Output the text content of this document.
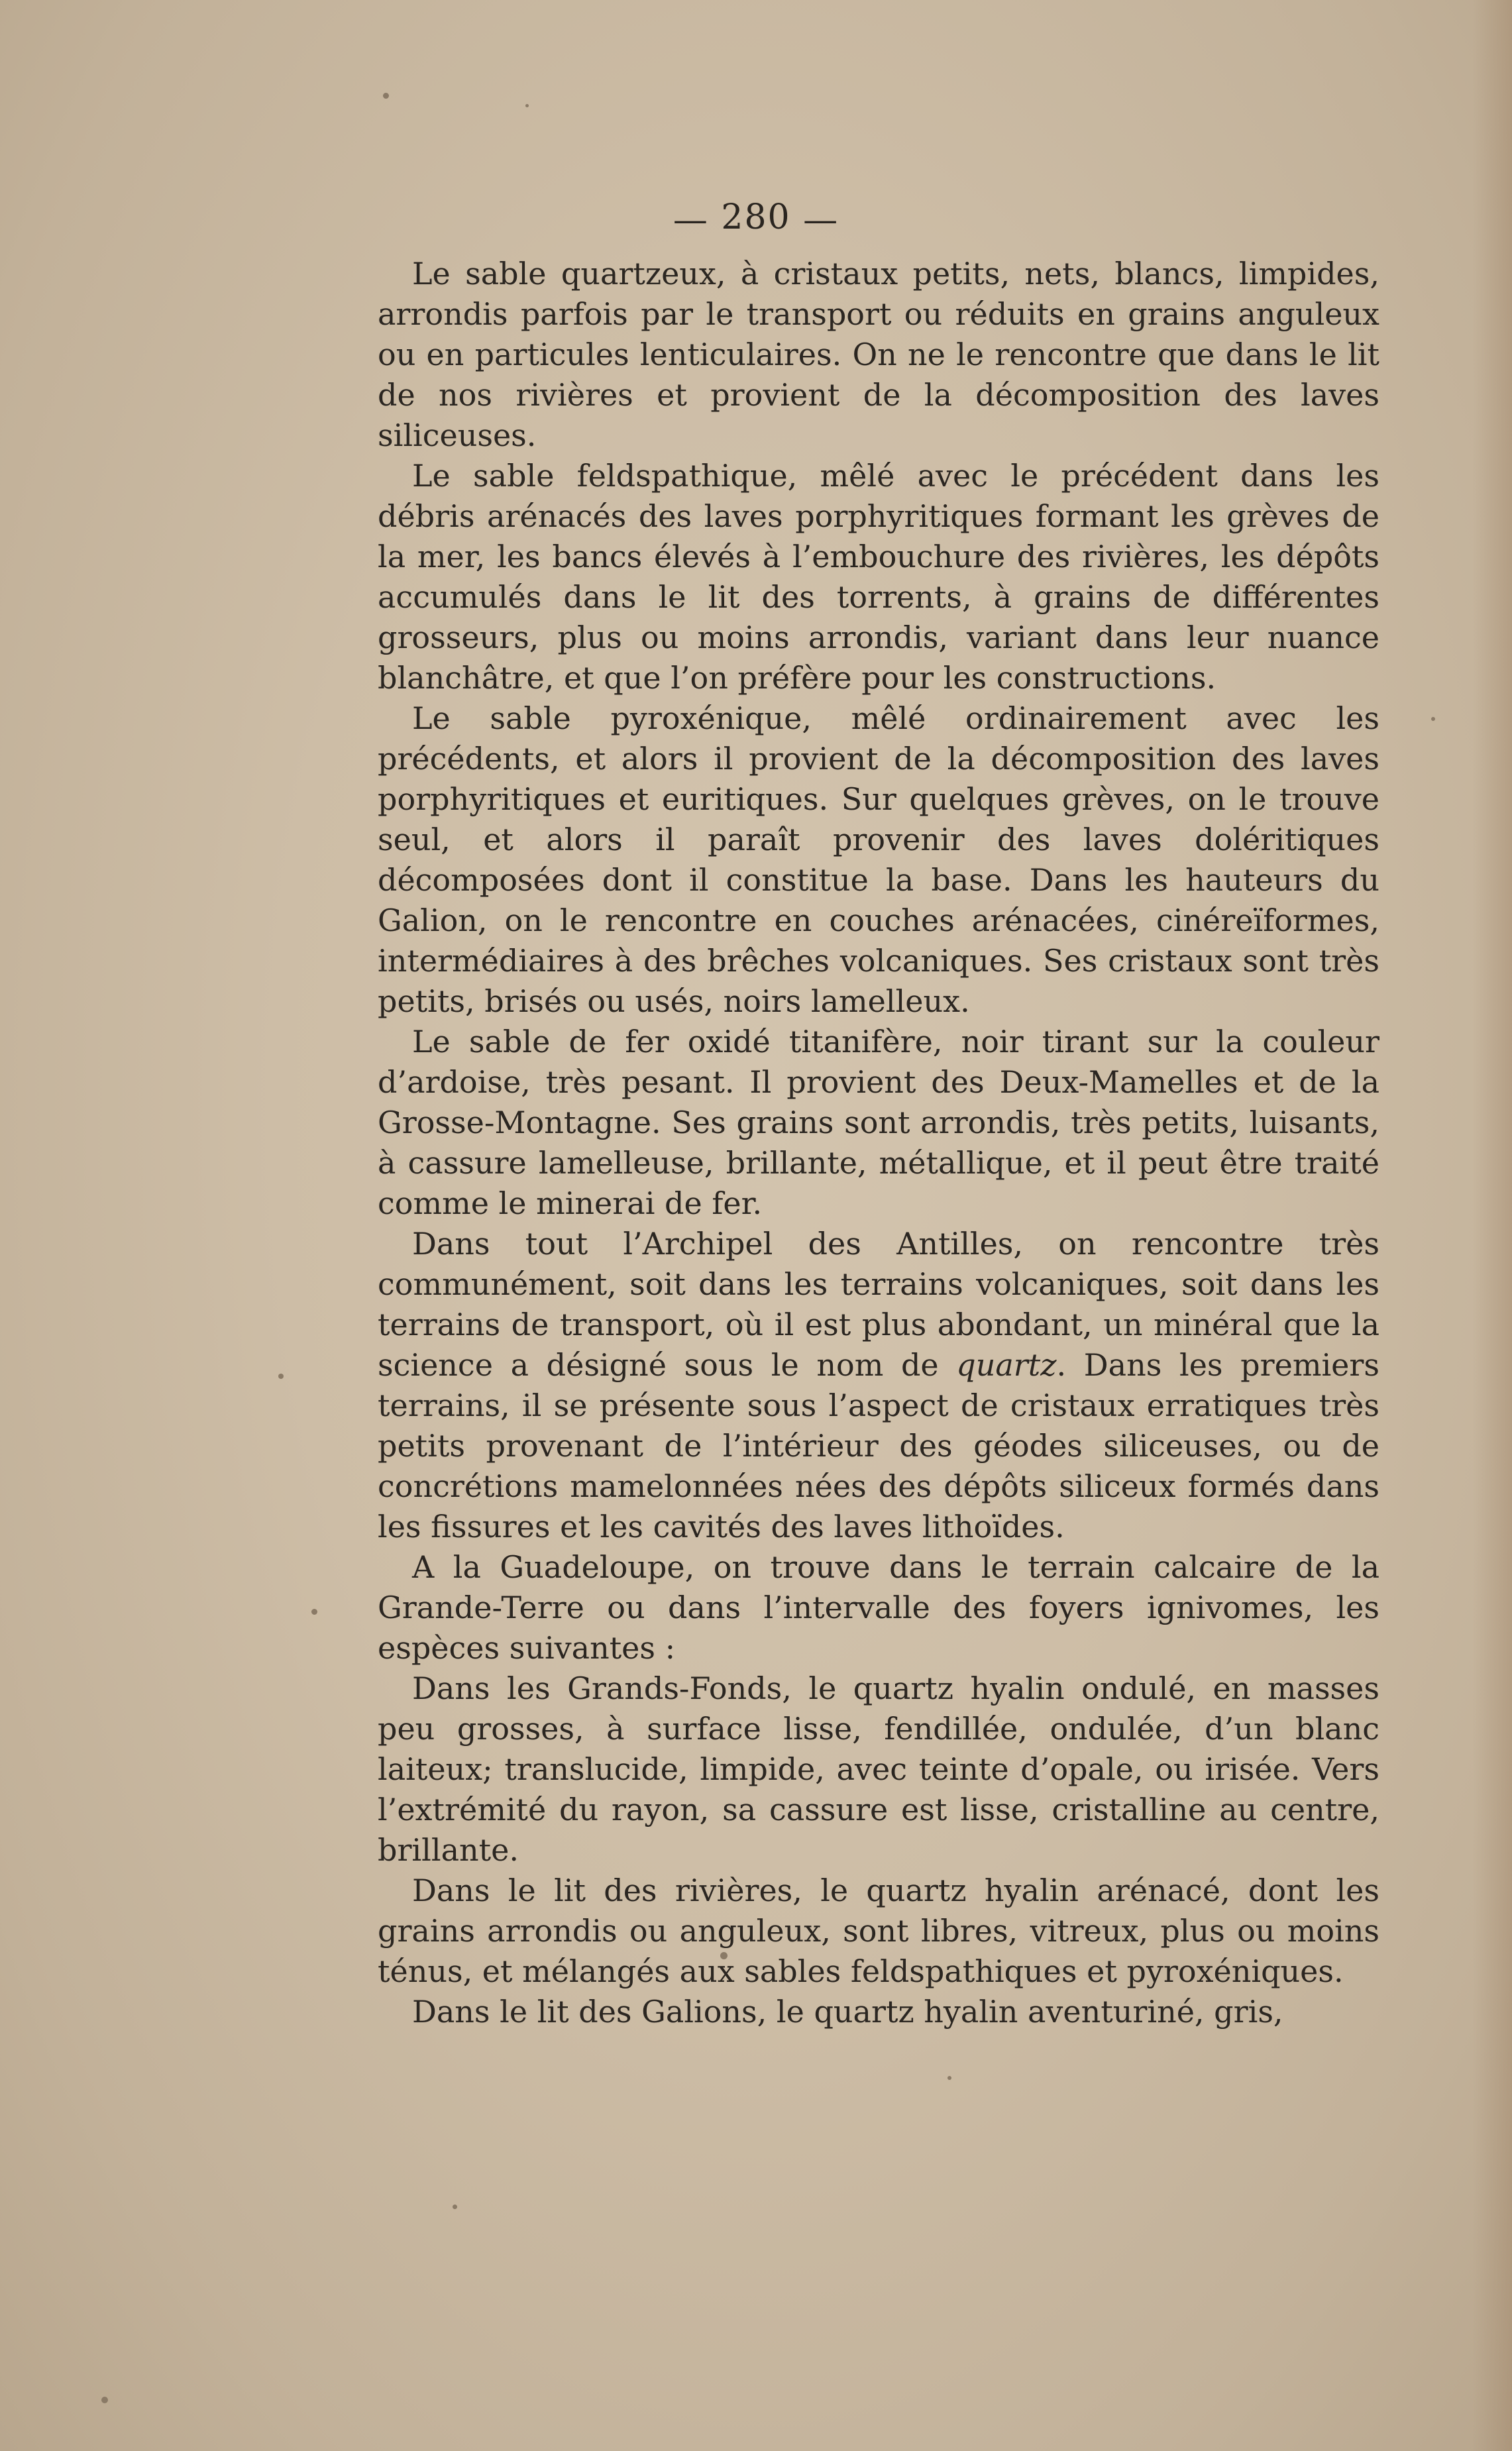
— 280 —

Le sable quartzeux, à cristaux petits, nets, blancs, limpides, arrondis parfois par le transport ou réduits en grains anguleux ou en particules lenticulaires. On ne le rencontre que dans le lit de nos rivières et provient de la décomposition des laves siliceuses.

Le sable feldspathique, mêlé avec le précédent dans les débris arénacés des laves porphyritiques formant les grèves de la mer, les bancs élevés à l’embouchure des rivières, les dépôts accumulés dans le lit des torrents, à grains de différentes grosseurs, plus ou moins arrondis, variant dans leur nuance blanchâtre, et que l’on préfère pour les constructions.

Le sable pyroxénique, mêlé ordinairement avec les précédents, et alors il provient de la décomposition des laves porphyritiques et euritiques. Sur quelques grèves, on le trouve seul, et alors il paraît provenir des laves doléritiques décomposées dont il constitue la base. Dans les hauteurs du Galion, on le rencontre en couches arénacées, cinéreïformes, intermédiaires à des brêches volcaniques. Ses cristaux sont très petits, brisés ou usés, noirs lamelleux.

Le sable de fer oxidé titanifère, noir tirant sur la couleur d’ardoise, très pesant. Il provient des Deux-Mamelles et de la Grosse-Montagne. Ses grains sont arrondis, très petits, luisants, à cassure lamelleuse, brillante, métallique, et il peut être traité comme le minerai de fer.

Dans tout l’Archipel des Antilles, on rencontre très communément, soit dans les terrains volcaniques, soit dans les terrains de transport, où il est plus abondant, un minéral que la science a désigné sous le nom de quartz. Dans les premiers terrains, il se présente sous l’aspect de cristaux erratiques très petits provenant de l’intérieur des géodes siliceuses, ou de concrétions mamelonnées nées des dépôts siliceux formés dans les fissures et les cavités des laves lithoïdes.

A la Guadeloupe, on trouve dans le terrain calcaire de la Grande-Terre ou dans l’intervalle des foyers ignivomes, les espèces suivantes :

Dans les Grands-Fonds, le quartz hyalin ondulé, en masses peu grosses, à surface lisse, fendillée, ondulée, d’un blanc laiteux; translucide, limpide, avec teinte d’opale, ou irisée. Vers l’extrémité du rayon, sa cassure est lisse, cristalline au centre, brillante.

Dans le lit des rivières, le quartz hyalin arénacé, dont les grains arrondis ou anguleux, sont libres, vitreux, plus ou moins ténus, et mélangés aux sables feldspathiques et pyroxéniques.

Dans le lit des Galions, le quartz hyalin aventuriné, gris,
